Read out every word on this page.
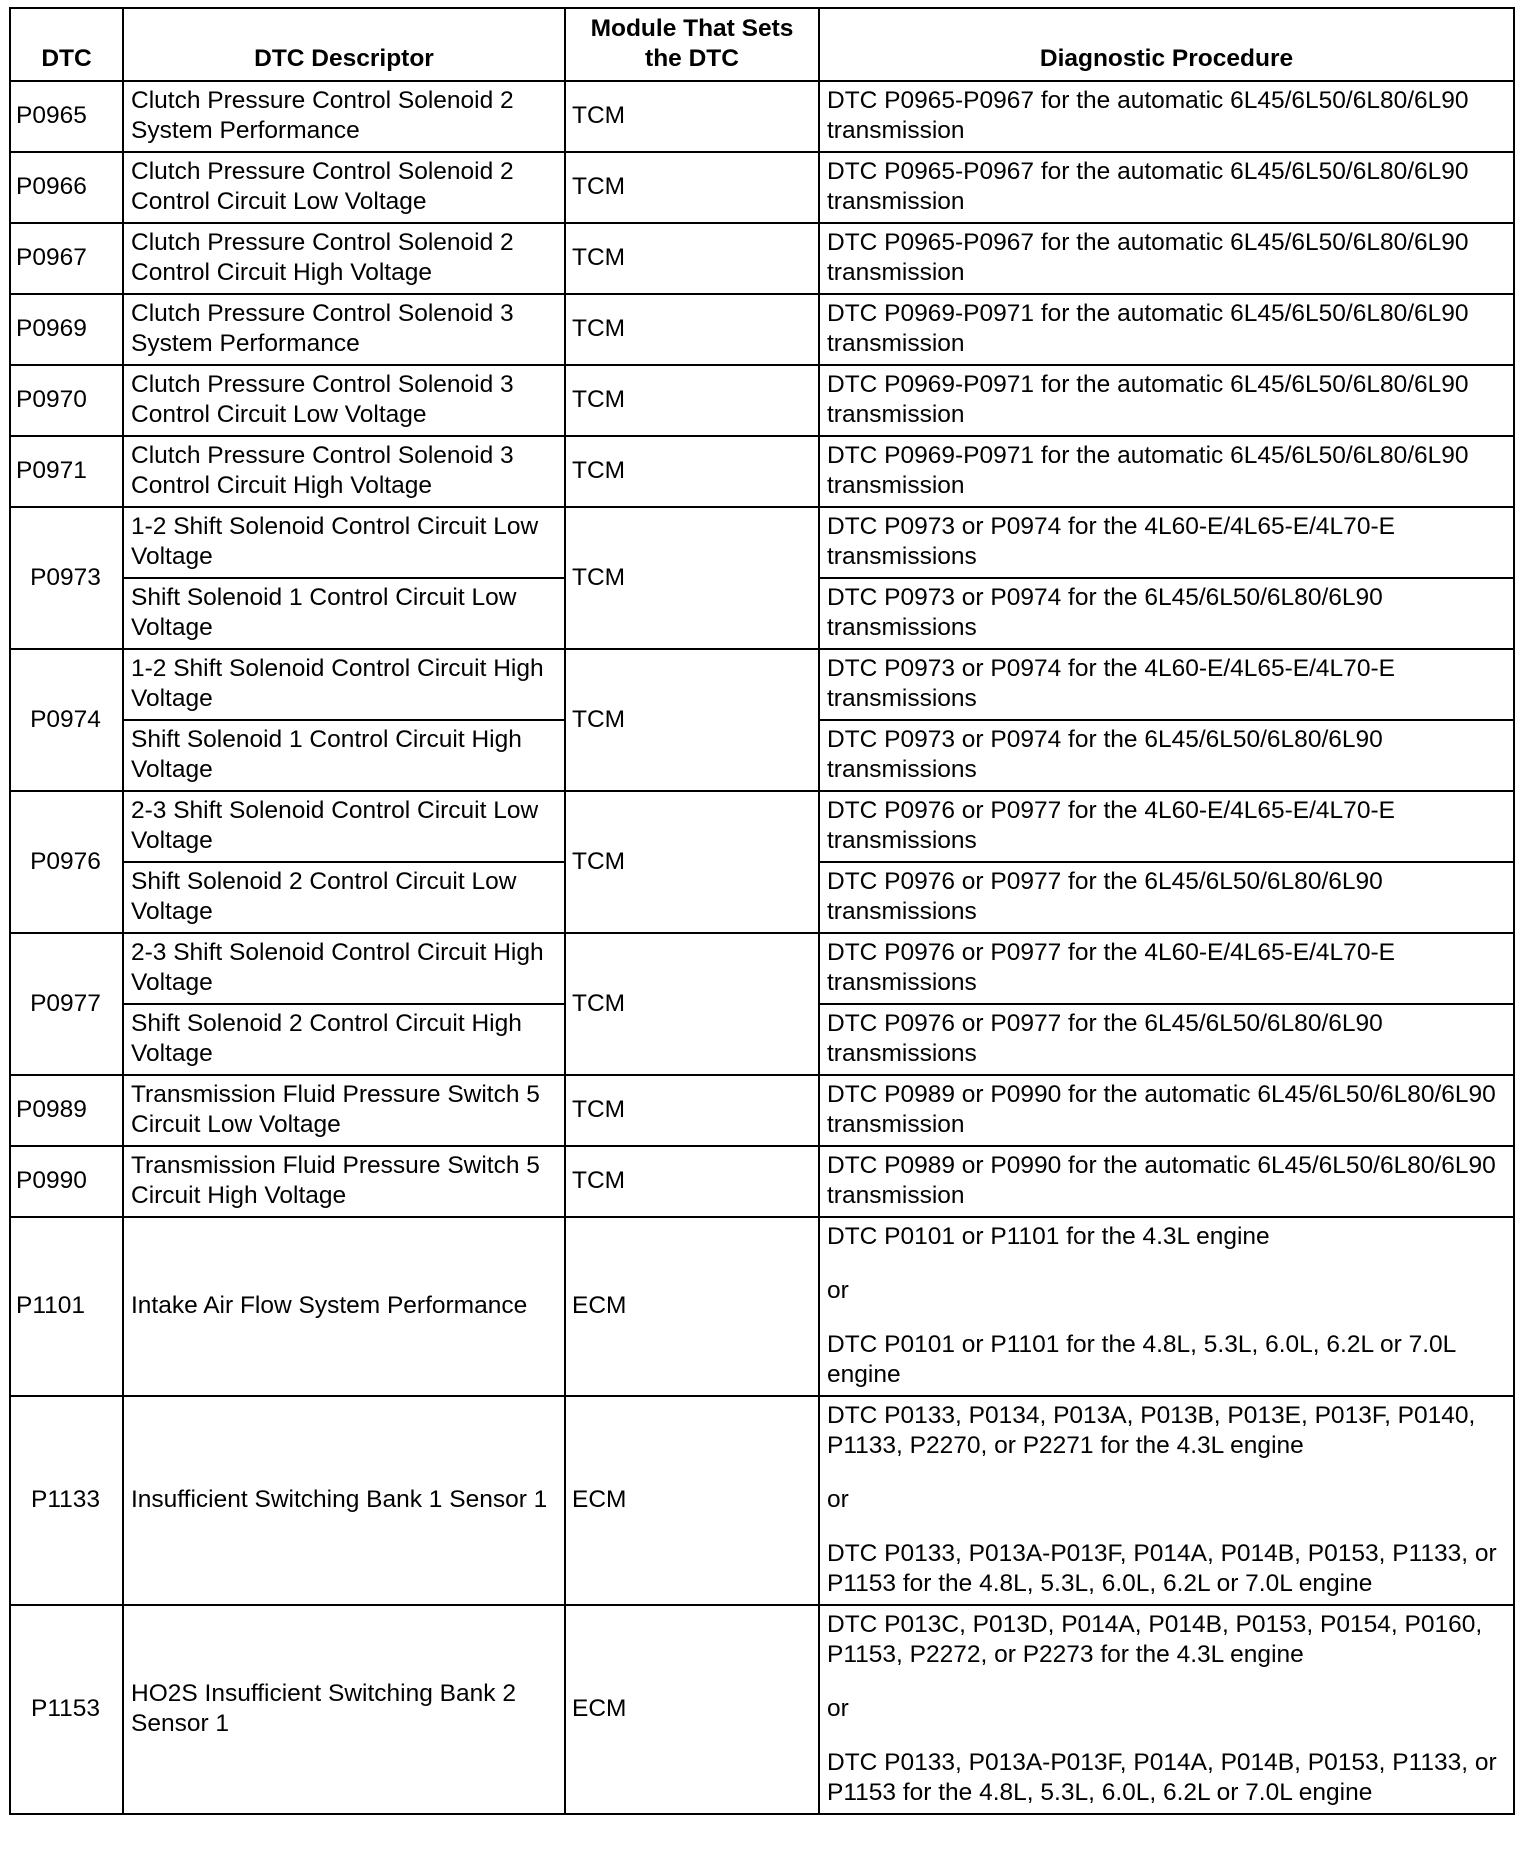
DTC	DTC Descriptor	Module That Sets the DTC	Diagnostic Procedure
P0965	Clutch Pressure Control Solenoid 2 System Performance	TCM	DTC P0965-P0967 for the automatic 6L45/6L50/6L80/6L90 transmission
P0966	Clutch Pressure Control Solenoid 2 Control Circuit Low Voltage	TCM	DTC P0965-P0967 for the automatic 6L45/6L50/6L80/6L90 transmission
P0967	Clutch Pressure Control Solenoid 2 Control Circuit High Voltage	TCM	DTC P0965-P0967 for the automatic 6L45/6L50/6L80/6L90 transmission
P0969	Clutch Pressure Control Solenoid 3 System Performance	TCM	DTC P0969-P0971 for the automatic 6L45/6L50/6L80/6L90 transmission
P0970	Clutch Pressure Control Solenoid 3 Control Circuit Low Voltage	TCM	DTC P0969-P0971 for the automatic 6L45/6L50/6L80/6L90 transmission
P0971	Clutch Pressure Control Solenoid 3 Control Circuit High Voltage	TCM	DTC P0969-P0971 for the automatic 6L45/6L50/6L80/6L90 transmission
P0973	1-2 Shift Solenoid Control Circuit Low Voltage	TCM	DTC P0973 or P0974 for the 4L60-E/4L65-E/4L70-E transmissions
	Shift Solenoid 1 Control Circuit Low Voltage		DTC P0973 or P0974 for the 6L45/6L50/6L80/6L90 transmissions
P0974	1-2 Shift Solenoid Control Circuit High Voltage	TCM	DTC P0973 or P0974 for the 4L60-E/4L65-E/4L70-E transmissions
	Shift Solenoid 1 Control Circuit High Voltage		DTC P0973 or P0974 for the 6L45/6L50/6L80/6L90 transmissions
P0976	2-3 Shift Solenoid Control Circuit Low Voltage	TCM	DTC P0976 or P0977 for the 4L60-E/4L65-E/4L70-E transmissions
	Shift Solenoid 2 Control Circuit Low Voltage		DTC P0976 or P0977 for the 6L45/6L50/6L80/6L90 transmissions
P0977	2-3 Shift Solenoid Control Circuit High Voltage	TCM	DTC P0976 or P0977 for the 4L60-E/4L65-E/4L70-E transmissions
	Shift Solenoid 2 Control Circuit High Voltage		DTC P0976 or P0977 for the 6L45/6L50/6L80/6L90 transmissions
P0989	Transmission Fluid Pressure Switch 5 Circuit Low Voltage	TCM	DTC P0989 or P0990 for the automatic 6L45/6L50/6L80/6L90 transmission
P0990	Transmission Fluid Pressure Switch 5 Circuit High Voltage	TCM	DTC P0989 or P0990 for the automatic 6L45/6L50/6L80/6L90 transmission
P1101	Intake Air Flow System Performance	ECM	DTC P0101 or P1101 for the 4.3L engine
or
DTC P0101 or P1101 for the 4.8L, 5.3L, 6.0L, 6.2L or 7.0L engine

P1133	Insufficient Switching Bank 1 Sensor 1	ECM	DTC P0133, P0134, P013A, P013B, P013E, P013F, P0140, P1133, P2270, or P2271 for the 4.3L engine
or
DTC P0133, P013A-P013F, P014A, P014B, P0153, P1133, or P1153 for the 4.8L, 5.3L, 6.0L, 6.2L or 7.0L engine

P1153	HO2S Insufficient Switching Bank 2 Sensor 1	ECM	DTC P013C, P013D, P014A, P014B, P0153, P0154, P0160, P1153, P2272, or P2273 for the 4.3L engine
or
DTC P0133, P013A-P013F, P014A, P014B, P0153, P1133, or P1153 for the 4.8L, 5.3L, 6.0L, 6.2L or 7.0L engine
